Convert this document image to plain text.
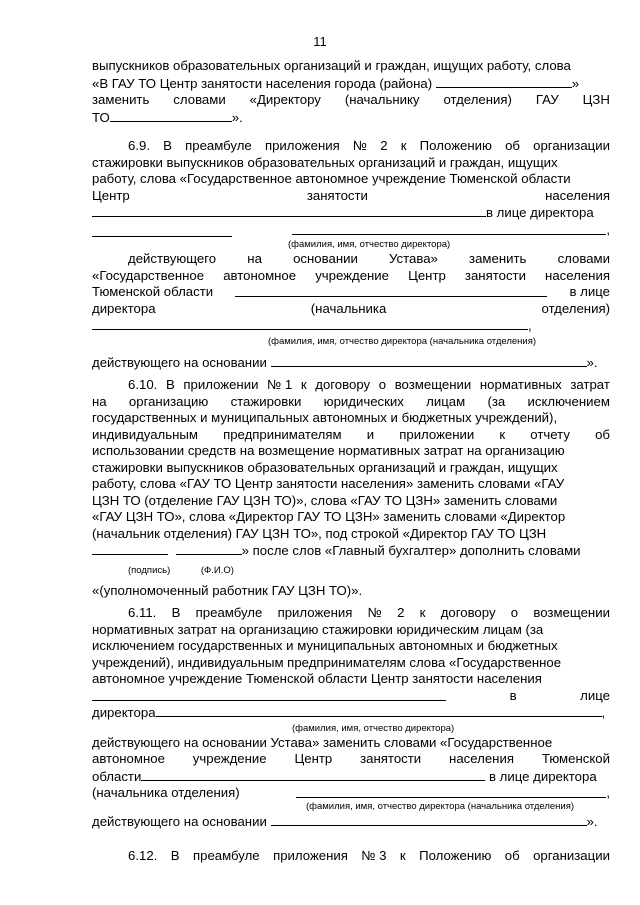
11
выпускников образовательных организаций и граждан, ищущих работу, слова
«В ГАУ ТО Центр занятости населения города (района)	»
заменить словами «Директору (начальнику отделения) ГАУ ЦЗН
ТО	».
6.9. В преамбуле приложения № 2 к Положению об организации
стажировки выпускников образовательных организаций и граждан, ищущих
работу, слова «Государственное автономное учреждение Тюменской области
Центр	занятости	населения
в лице директора
,
(фамилия, имя, отчество директора)
действующего на основании Устава» заменить словами
«Государственное автономное учреждение Центр занятости населения
Тюменской области	в лице
директора	(начальника	отделения)
,
(фамилия, имя, отчество директора (начальника отделения)
действующего на основании	».
6.10. В приложении № 1 к договору о возмещении нормативных затрат
на организацию стажировки юридических лицам (за исключением
государственных и муниципальных автономных и бюджетных учреждений),
индивидуальным предпринимателям и приложении к отчету об
использовании средств на возмещение нормативных затрат на организацию
стажировки выпускников образовательных организаций и граждан, ищущих
работу, слова «ГАУ ТО Центр занятости населения» заменить словами «ГАУ
ЦЗН ТО (отделение ГАУ ЦЗН ТО)», слова «ГАУ ТО ЦЗН» заменить словами
«ГАУ ЦЗН ТО», слова «Директор ГАУ ТО ЦЗН» заменить словами «Директор
(начальник отделения) ГАУ ЦЗН ТО», под строкой «Директор ГАУ ТО ЦЗН
» после слов «Главный бухгалтер» дополнить словами
(подпись)	(Ф.И.О)
«(уполномоченный работник ГАУ ЦЗН ТО)».
6.11. В преамбуле приложения № 2 к договору о возмещении
нормативных затрат на организацию стажировки юридическим лицам (за
исключением государственных и муниципальных автономных и бюджетных
учреждений), индивидуальным предпринимателям слова «Государственное
автономное учреждение Тюменской области Центр занятости населения
в	лице
директора	,
(фамилия, имя, отчество директора)
действующего на основании Устава» заменить словами «Государственное
автономное учреждение Центр занятости населения Тюменской
области	в лице директора
(начальника отделения)	,
(фамилия, имя, отчество директора (начальника отделения)
действующего на основании	».
6.12. В преамбуле приложения № 3 к Положению об организации
